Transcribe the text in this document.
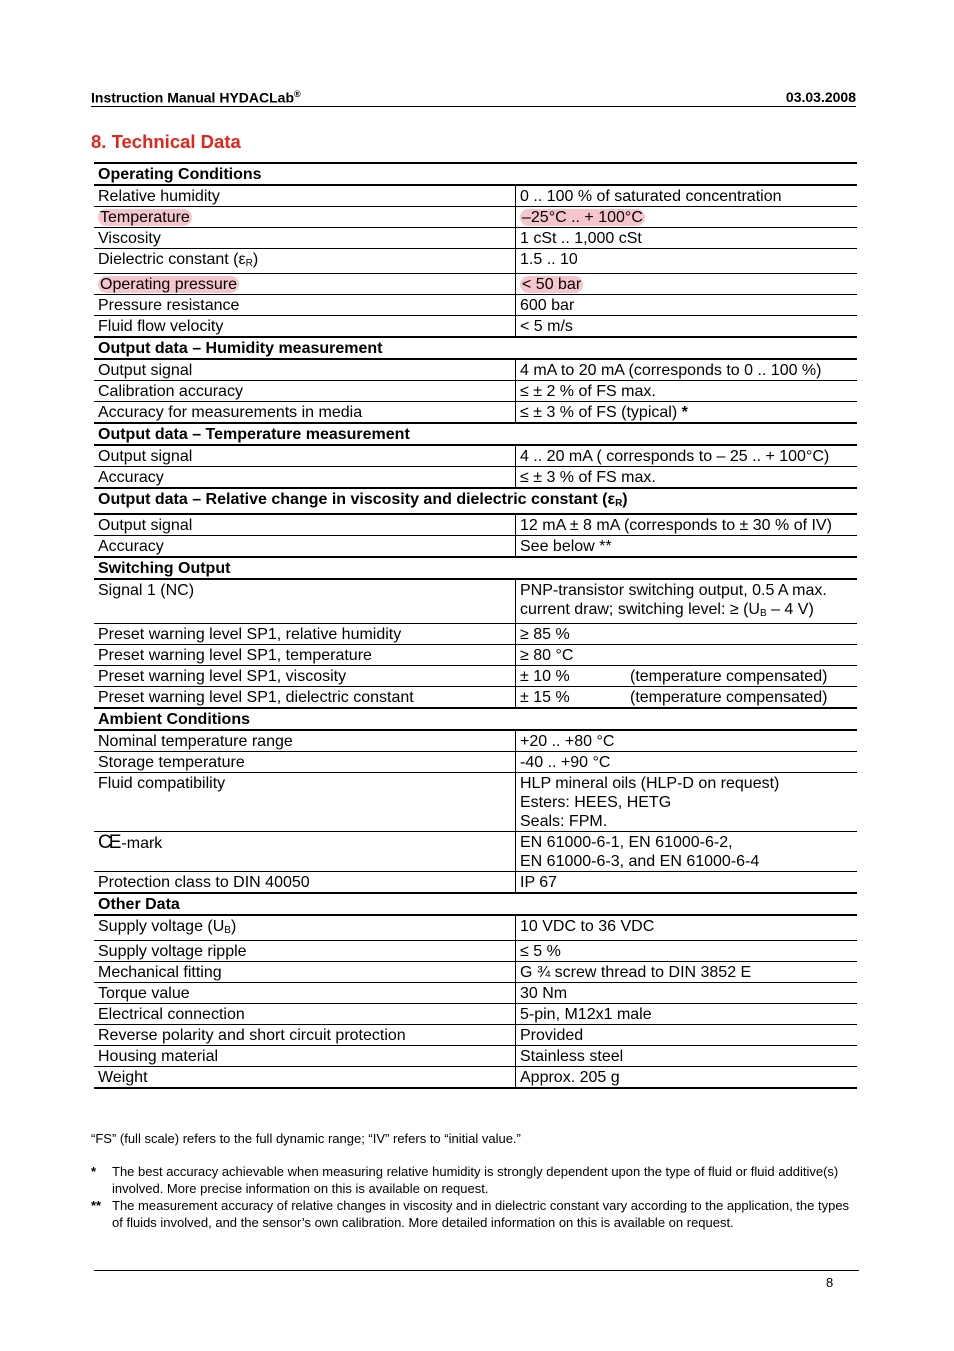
Instruction Manual HYDACLab®	03.03.2008
8. Technical Data
Operating Conditions	
Relative humidity	0 .. 100 % of saturated concentration
Temperature	–25°C .. + 100°C
Viscosity	1 cSt .. 1,000 cSt
Dielectric constant $(\varepsilon_R)$	1.5 .. 10
Operating pressure	< 50 bar
Pressure resistance	600 bar
Fluid flow velocity	< 5 m/s
Output data – Humidity measurement	
Output signal	4 mA to 20 mA (corresponds to 0 .. 100 %)
Calibration accuracy	≤ ± 2 % of FS max.
Accuracy for measurements in media	≤ ± 3 % of FS (typical) *
Output data – Temperature measurement	
Output signal	4 .. 20 mA ( corresponds to – 25 .. + 100°C)
Accuracy	≤ ± 3 % of FS max.
Output data – Relative change in viscosity and dielectric constant $(\varepsilon_R)$	
Output signal	12 mA ± 8 mA (corresponds to ± 30 % of IV)
Accuracy	See below **
Switching Output	
Signal 1 (NC)	PNP-transistor switching output, 0.5 A max.
current draw; switching level: ≥ ($U_B - 4$ V)

Preset warning level SP1, relative humidity	≥ 85 %
Preset warning level SP1, temperature	≥ 80 °C
Preset warning level SP1, viscosity	± 10 % (temperature compensated)
Preset warning level SP1, dielectric constant	± 15 % (temperature compensated)
Ambient Conditions	
Nominal temperature range	+20 .. +80 °C
Storage temperature	-40 .. +90 °C
Fluid compatibility	HLP mineral oils (HLP-D on request)
Esters: HEES, HETG
Seals: FPM.

CE -mark	EN 61000-6-1, EN 61000-6-2,
EN 61000-6-3, and EN 61000-6-4

Protection class to DIN 40050	IP 67
Other Data	
Supply voltage $(U_B)$	10 VDC to 36 VDC
Supply voltage ripple	≤ 5 %
Mechanical fitting	G ¾ screw thread to DIN 3852 E
Torque value	30 Nm
Electrical connection	5-pin, M12x1 male
Reverse polarity and short circuit protection	Provided
Housing material	Stainless steel
Weight	Approx. 205 g
“FS” (full scale) refers to the full dynamic range; “IV” refers to “initial value.”
* The best accuracy achievable when measuring relative humidity is strongly dependent upon the type of fluid or fluid additive(s) involved. More precise information on this is available on request.
** The measurement accuracy of relative changes in viscosity and in dielectric constant vary according to the application, the types of fluids involved, and the sensor’s own calibration. More detailed information on this is available on request.
8
